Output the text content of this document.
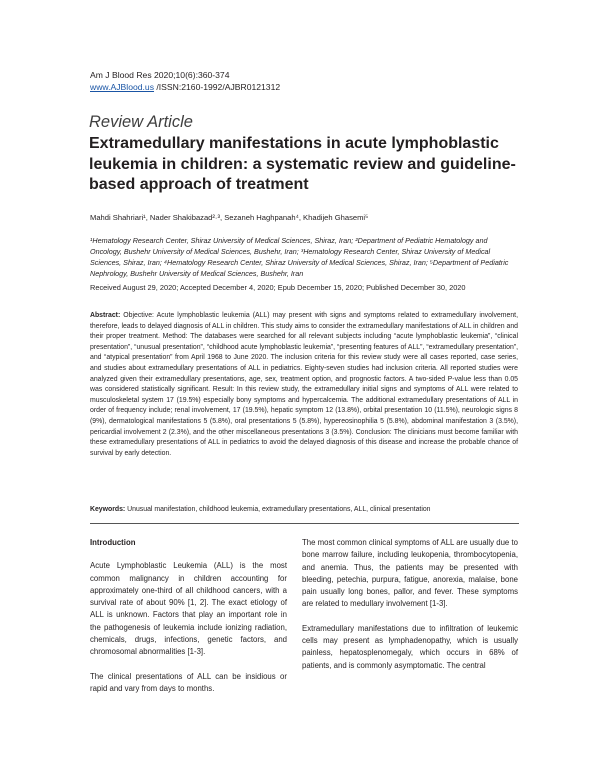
Am J Blood Res 2020;10(6):360-374
www.AJBlood.us /ISSN:2160-1992/AJBR0121312
Review Article
Extramedullary manifestations in acute lymphoblastic leukemia in children: a systematic review and guideline-based approach of treatment
Mahdi Shahriari¹, Nader Shakibazad²·³, Sezaneh Haghpanah⁴, Khadijeh Ghasemi⁵
¹Hematology Research Center, Shiraz University of Medical Sciences, Shiraz, Iran; ²Department of Pediatric Hematology and Oncology, Bushehr University of Medical Sciences, Bushehr, Iran; ³Hematology Research Center, Shiraz University of Medical Sciences, Shiraz, Iran; ⁴Hematology Research Center, Shiraz University of Medical Sciences, Shiraz, Iran; ⁵Department of Pediatric Nephrology, Bushehr University of Medical Sciences, Bushehr, Iran
Received August 29, 2020; Accepted December 4, 2020; Epub December 15, 2020; Published December 30, 2020
Abstract: Objective: Acute lymphoblastic leukemia (ALL) may present with signs and symptoms related to extramedullary involvement, therefore, leads to delayed diagnosis of ALL in children. This study aims to consider the extramedullary manifestations of ALL in children and their proper treatment. Method: The databases were searched for all relevant subjects including “acute lymphoblastic leukemia”, “clinical presentation”, “unusual presentation”, “childhood acute lymphoblastic leukemia”, “presenting features of ALL”, “extramedullary presentation”, and “atypical presentation” from April 1968 to June 2020. The inclusion criteria for this review study were all cases reported, case series, and studies about extramedullary presentations of ALL in pediatrics. Eighty-seven studies had inclusion criteria. All reported studies were analyzed given their extramedullary presentations, age, sex, treatment option, and prognostic factors. A two-sided P-value less than 0.05 was considered statistically significant. Result: In this review study, the extramedullary initial signs and symptoms of ALL were related to musculoskeletal system 17 (19.5%) especially bony symptoms and hypercalcemia. The additional extramedullary presentations of ALL in order of frequency include; renal involvement, 17 (19.5%), hepatic symptom 12 (13.8%), orbital presentation 10 (11.5%), neurologic signs 8 (9%), dermatological manifestations 5 (5.8%), oral presentations 5 (5.8%), hypereosinophilia 5 (5.8%), abdominal manifestation 3 (3.5%), pericardial involvement 2 (2.3%), and the other miscellaneous presentations 3 (3.5%). Conclusion: The clinicians must become familiar with these extramedullary presentations of ALL in pediatrics to avoid the delayed diagnosis of this disease and increase the probable chance of survival by early detection.
Keywords: Unusual manifestation, childhood leukemia, extramedullary presentations, ALL, clinical presentation
Introduction

Acute Lymphoblastic Leukemia (ALL) is the most common malignancy in children accounting for approximately one-third of all childhood cancers, with a survival rate of about 90% [1, 2]. The exact etiology of ALL is unknown. Factors that play an important role in the pathogenesis of leukemia include ionizing radiation, chemicals, drugs, infections, genetic factors, and chromosomal abnormalities [1-3].

The clinical presentations of ALL can be insidious or rapid and vary from days to months.

The most common clinical symptoms of ALL are usually due to bone marrow failure, including leukopenia, thrombocytopenia, and anemia. Thus, the patients may be presented with bleeding, petechia, purpura, fatigue, anorexia, malaise, bone pain usually long bones, pallor, and fever. These symptoms are related to medullary involvement [1-3].

Extramedullary manifestations due to infiltration of leukemic cells may present as lymphadenopathy, which is usually painless, hepatosplenomegaly, which occurs in 68% of patients, and is commonly asymptomatic. The central
